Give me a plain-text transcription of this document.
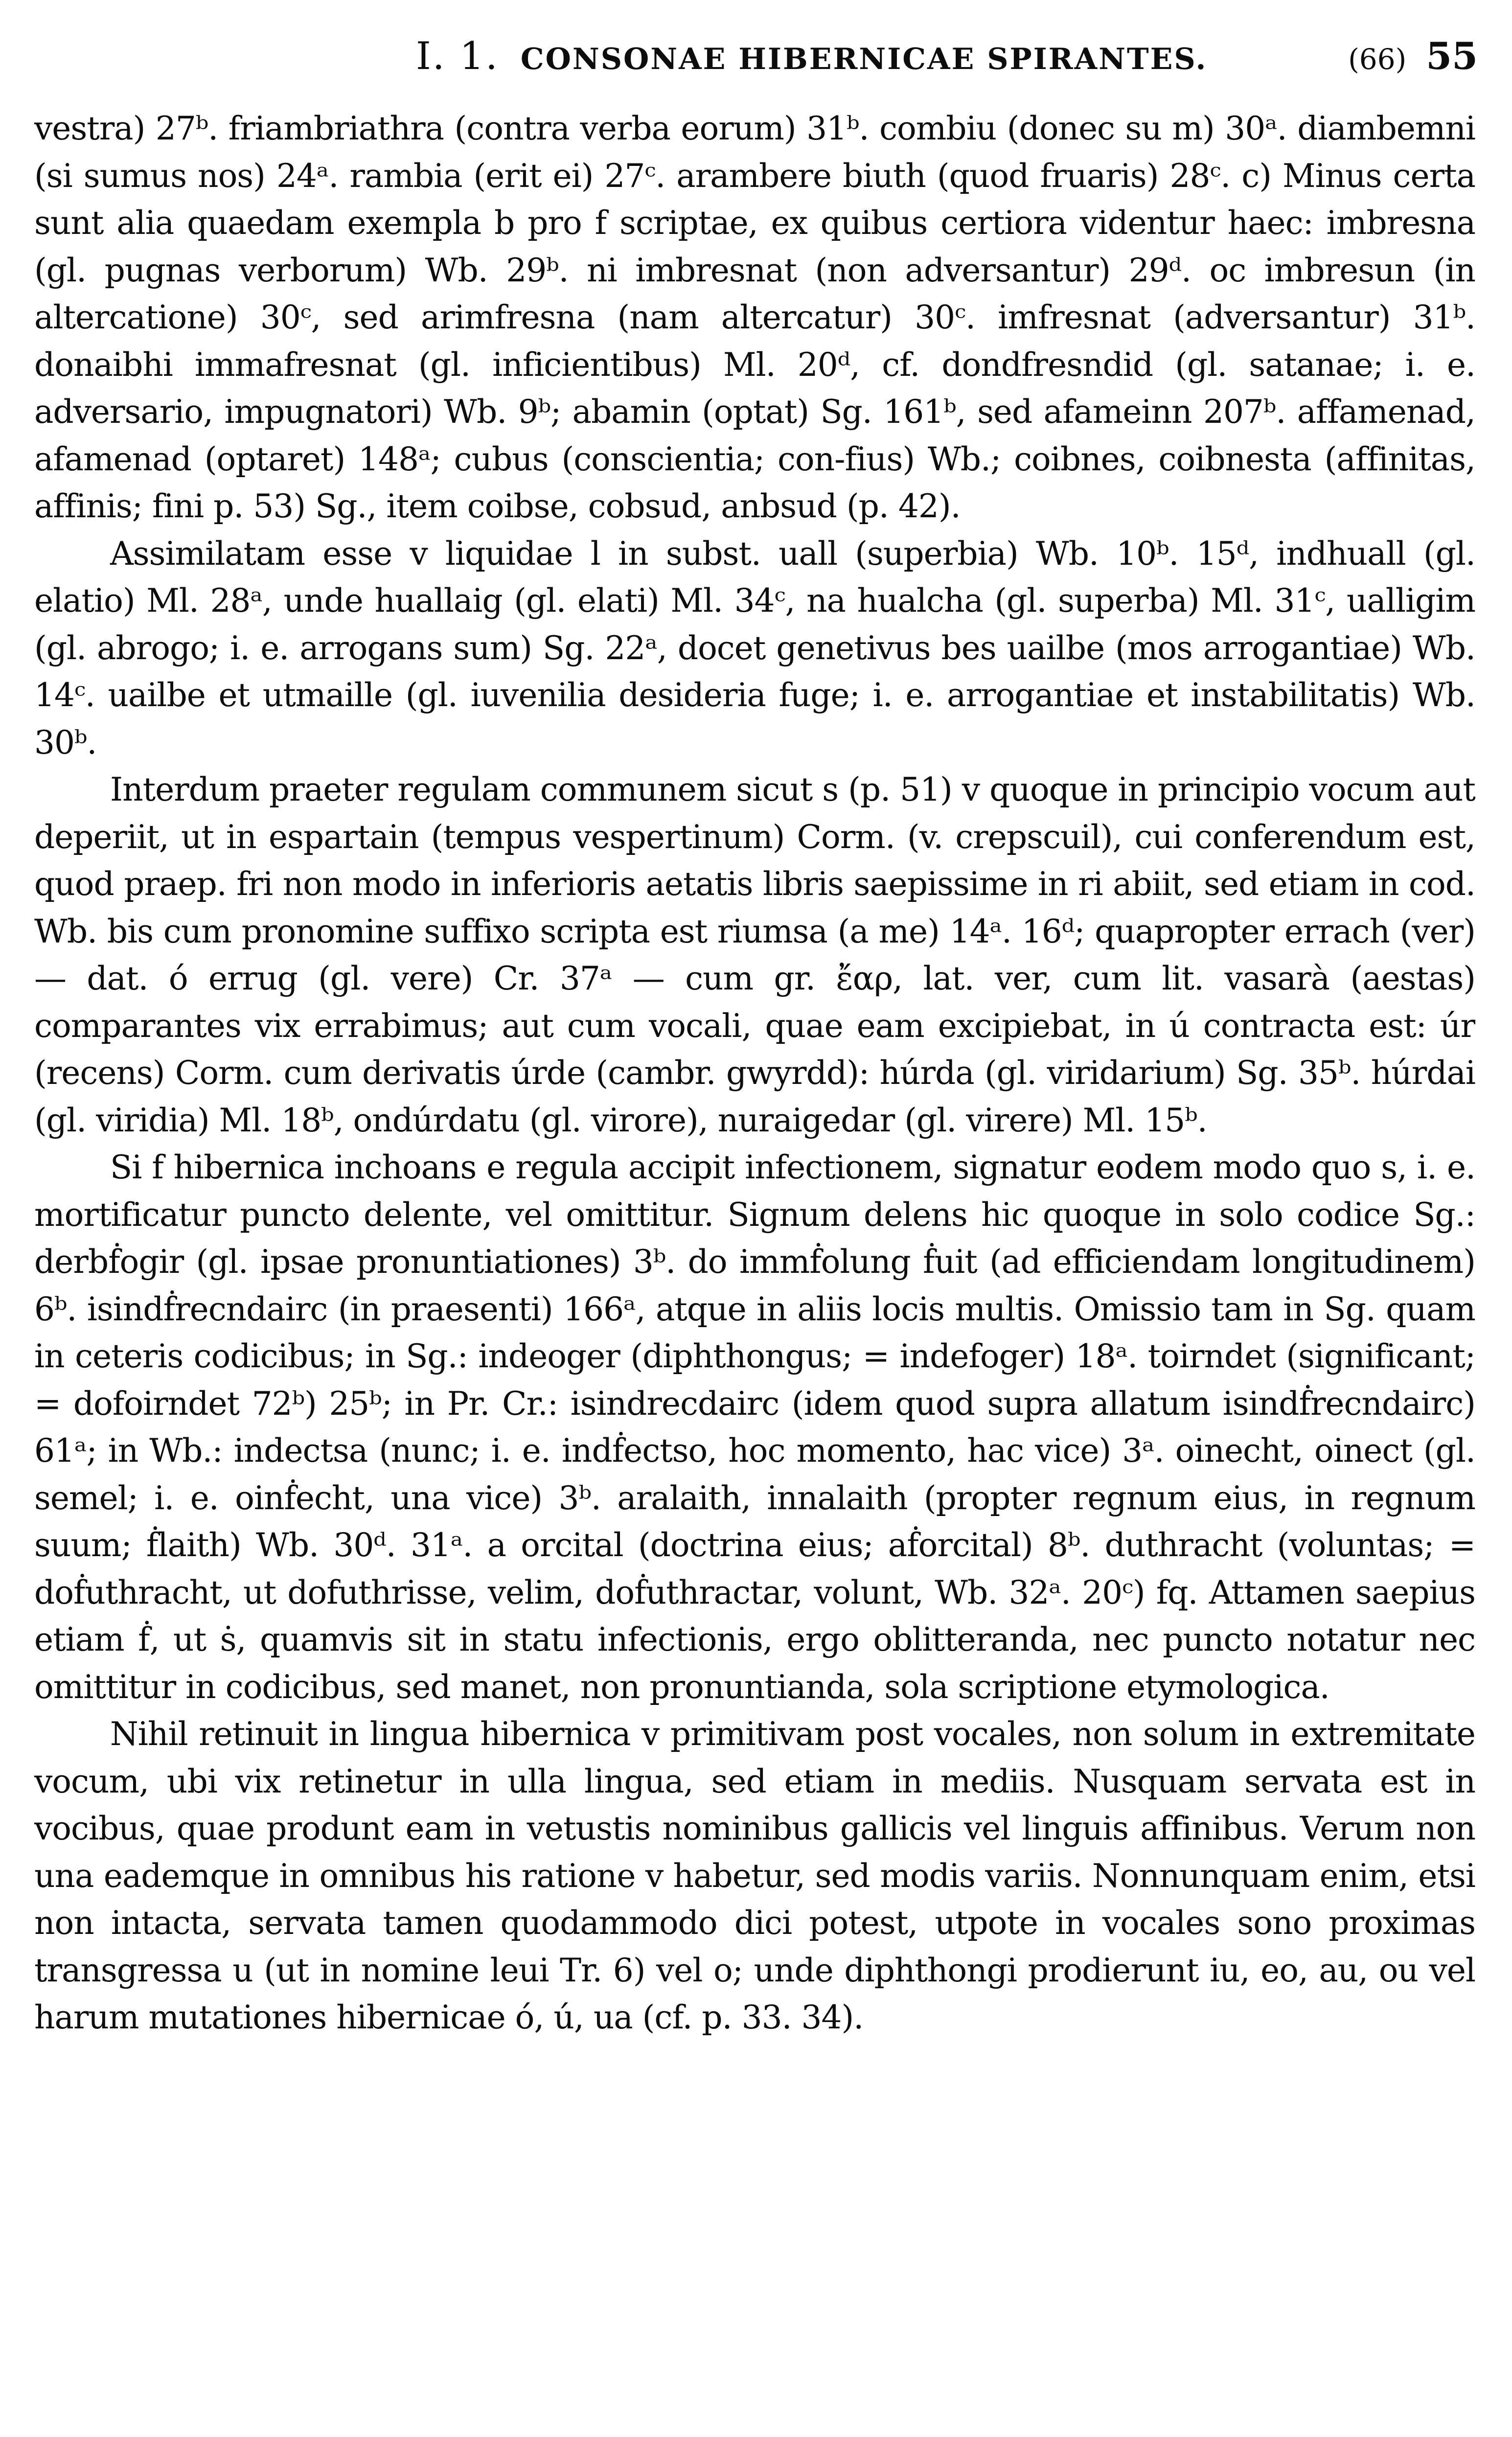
I. 1. CONSONAE HIBERNICAE SPIRANTES.	(66) 55

vestra) 27ᵇ. friambriathra (contra verba eorum) 31ᵇ. combiu (donec su m) 30ᵃ. diambemni (si sumus nos) 24ᵃ. rambia (erit ei) 27ᶜ. arambere biuth (quod fruaris) 28ᶜ. c) Minus certa sunt alia quaedam exempla b pro f scriptae, ex quibus certiora videntur haec: imbresna (gl. pugnas verborum) Wb. 29ᵇ. ni imbresnat (non adversantur) 29ᵈ. oc imbresun (in altercatione) 30ᶜ, sed arimfresna (nam altercatur) 30ᶜ. imfresnat (adversantur) 31ᵇ. donaibhi immafresnat (gl. inficientibus) Ml. 20ᵈ, cf. dondfresndid (gl. satanae; i. e. adversario, impugnatori) Wb. 9ᵇ; abamin (optat) Sg. 161ᵇ, sed afameinn 207ᵇ. affamenad, afamenad (optaret) 148ᵃ; cubus (conscientia; con-fius) Wb.; coibnes, coibnesta (affinitas, affinis; fini p. 53) Sg., item coibse, cobsud, anbsud (p. 42).

Assimilatam esse v liquidae l in subst. uall (superbia) Wb. 10ᵇ. 15ᵈ, indhuall (gl. elatio) Ml. 28ᵃ, unde huallaig (gl. elati) Ml. 34ᶜ, na hualcha (gl. superba) Ml. 31ᶜ, ualligim (gl. abrogo; i. e. arrogans sum) Sg. 22ᵃ, docet genetivus bes uailbe (mos arrogantiae) Wb. 14ᶜ. uailbe et utmaille (gl. iuvenilia desideria fuge; i. e. arrogantiae et instabilitatis) Wb. 30ᵇ.

Interdum praeter regulam communem sicut s (p. 51) v quoque in principio vocum aut deperiit, ut in espartain (tempus vespertinum) Corm. (v. crepscuil), cui conferendum est, quod praep. fri non modo in inferioris aetatis libris saepissime in ri abiit, sed etiam in cod. Wb. bis cum pronomine suffixo scripta est riumsa (a me) 14ᵃ. 16ᵈ; quapropter errach (ver) — dat. ó errug (gl. vere) Cr. 37ᵃ — cum gr. ἔαρ, lat. ver, cum lit. vasarà (aestas) comparantes vix errabimus; aut cum vocali, quae eam excipiebat, in ú contracta est: úr (recens) Corm. cum derivatis úrde (cambr. gwyrdd): húrda (gl. viridarium) Sg. 35ᵇ. húrdai (gl. viridia) Ml. 18ᵇ, ondúrdatu (gl. virore), nuraigedar (gl. virere) Ml. 15ᵇ.

Si f hibernica inchoans e regula accipit infectionem, signatur eodem modo quo s, i. e. mortificatur puncto delente, vel omittitur. Signum delens hic quoque in solo codice Sg.: derbḟogir (gl. ipsae pronuntiationes) 3ᵇ. do immḟolung ḟuit (ad efficiendam longitudinem) 6ᵇ. isindḟrecndairc (in praesenti) 166ᵃ, atque in aliis locis multis. Omissio tam in Sg. quam in ceteris codicibus; in Sg.: indeoger (diphthongus; = indefoger) 18ᵃ. toirndet (significant; = dofoirndet 72ᵇ) 25ᵇ; in Pr. Cr.: isindrecdairc (idem quod supra allatum isindḟrecndairc) 61ᵃ; in Wb.: indectsa (nunc; i. e. indḟectso, hoc momento, hac vice) 3ᵃ. oinecht, oinect (gl. semel; i. e. oinḟecht, una vice) 3ᵇ. aralaith, innalaith (propter regnum eius, in regnum suum; ḟlaith) Wb. 30ᵈ. 31ᵃ. a orcital (doctrina eius; aḟorcital) 8ᵇ. duthracht (voluntas; = doḟuthracht, ut dofuthrisse, velim, doḟuthractar, volunt, Wb. 32ᵃ. 20ᶜ) fq. Attamen saepius etiam ḟ, ut ṡ, quamvis sit in statu infectionis, ergo oblitteranda, nec puncto notatur nec omittitur in codicibus, sed manet, non pronuntianda, sola scriptione etymologica.

Nihil retinuit in lingua hibernica v primitivam post vocales, non solum in extremitate vocum, ubi vix retinetur in ulla lingua, sed etiam in mediis. Nusquam servata est in vocibus, quae produnt eam in vetustis nominibus gallicis vel linguis affinibus. Verum non una eademque in omnibus his ratione v habetur, sed modis variis. Nonnunquam enim, etsi non intacta, servata tamen quodammodo dici potest, utpote in vocales sono proximas transgressa u (ut in nomine leui Tr. 6) vel o; unde diphthongi prodierunt iu, eo, au, ou vel harum mutationes hibernicae ó, ú, ua (cf. p. 33. 34).
